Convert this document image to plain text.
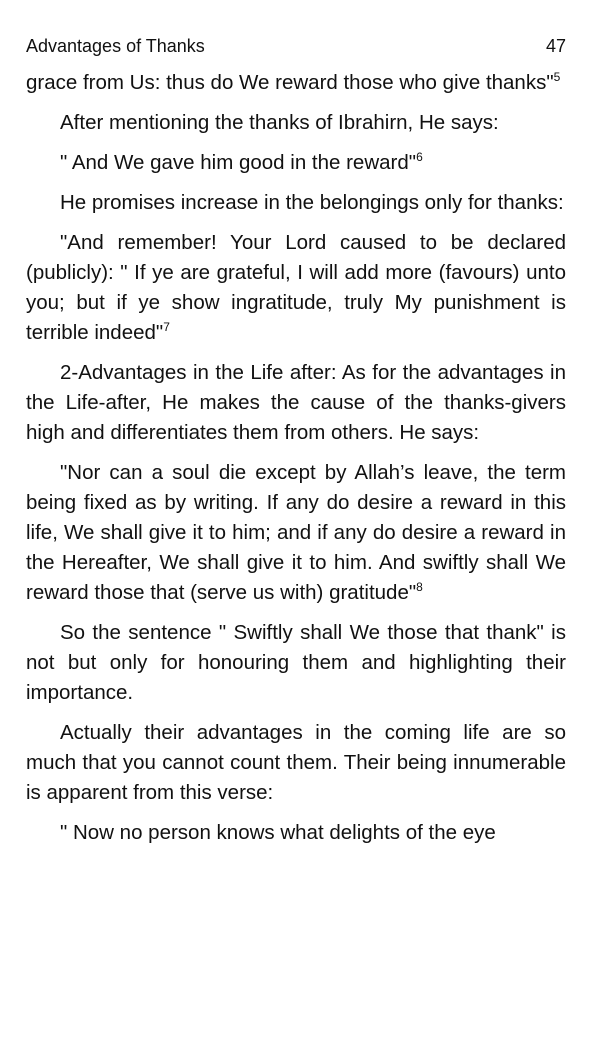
Advantages of Thanks	47

grace from Us: thus do We reward those who give thanks"$^5$

After mentioning the thanks of Ibrahirn, He says:

" And We gave him good in the reward"$^6$

He promises increase in the belongings only for thanks:

"And remember! Your Lord caused to be declared (publicly): " If ye are grateful, I will add more (favours) unto you; but if ye show ingratitude, truly My punishment is terrible indeed"$^7$

2-Advantages in the Life after: As for the advantages in the Life-after, He makes the cause of the thanks-givers high and differentiates them from others. He says:

"Nor can a soul die except by Allah’s leave, the term being fixed as by writing. If any do desire a reward in this life, We shall give it to him; and if any do desire a reward in the Hereafter, We shall give it to him. And swiftly shall We reward those that (serve us with) gratitude"$^8$

So the sentence " Swiftly shall We those that thank" is not but only for honouring them and highlighting their importance.

Actually their advantages in the coming life are so much that you cannot count them. Their being innumerable is apparent from this verse:

" Now no person knows what delights of the eye
